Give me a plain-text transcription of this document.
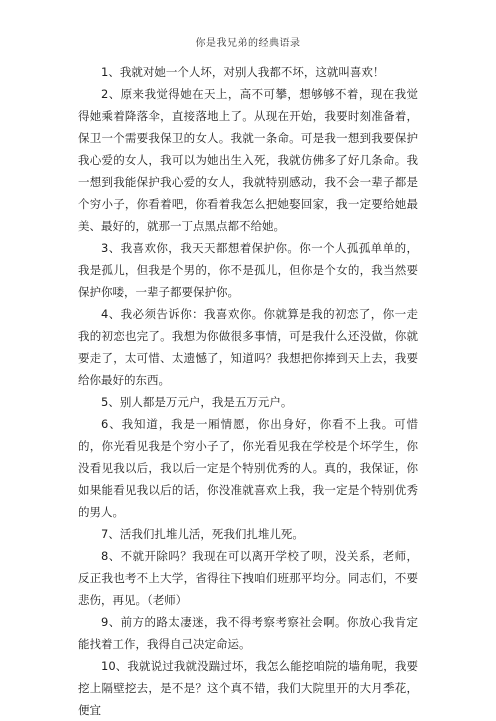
你是我兄弟的经典语录

1、我就对她一个人坏，对别人我都不坏，这就叫喜欢！

2、原来我觉得她在天上，高不可攀，想够够不着，现在我觉得她乘着降落伞，直接落地上了。从现在开始，我要时刻准备着，保卫一个需要我保卫的女人。我就一条命。可是我一想到我要保护我心爱的女人，我可以为她出生入死，我就仿佛多了好几条命。我一想到我能保护我心爱的女人，我就特别感动，我不会一辈子都是个穷小子，你看着吧，你看着我怎么把她娶回家，我一定要给她最美、最好的，就那一丁点黑点都不给她。

3、我喜欢你，我天天都想着保护你。你一个人孤孤单单的，我是孤儿，但我是个男的，你不是孤儿，但你是个女的，我当然要保护你喽，一辈子都要保护你。

4、我必须告诉你：我喜欢你。你就算是我的初恋了，你一走我的初恋也完了。我想为你做很多事情，可是我什么还没做，你就要走了，太可惜、太遗憾了，知道吗？我想把你捧到天上去，我要给你最好的东西。

5、别人都是万元户，我是五万元户。

6、我知道，我是一厢情愿，你出身好，你看不上我。可惜的，你光看见我是个穷小子了，你光看见我在学校是个坏学生，你没看见我以后，我以后一定是个特别优秀的人。真的，我保证，你如果能看见我以后的话，你没准就喜欢上我，我一定是个特别优秀的男人。

7、活我们扎堆儿活，死我们扎堆儿死。

8、不就开除吗？我现在可以离开学校了呗，没关系，老师，反正我也考不上大学，省得往下拽咱们班那平均分。同志们，不要悲伤，再见。（老师）

9、前方的路太凄迷，我不得考察考察社会啊。你放心我肯定能找着工作，我得自己决定命运。

10、我就说过我就没踹过坏，我怎么能挖咱院的墙角呢，我要挖上隔壁挖去，是不是？这个真不错，我们大院里开的大月季花，便宜
